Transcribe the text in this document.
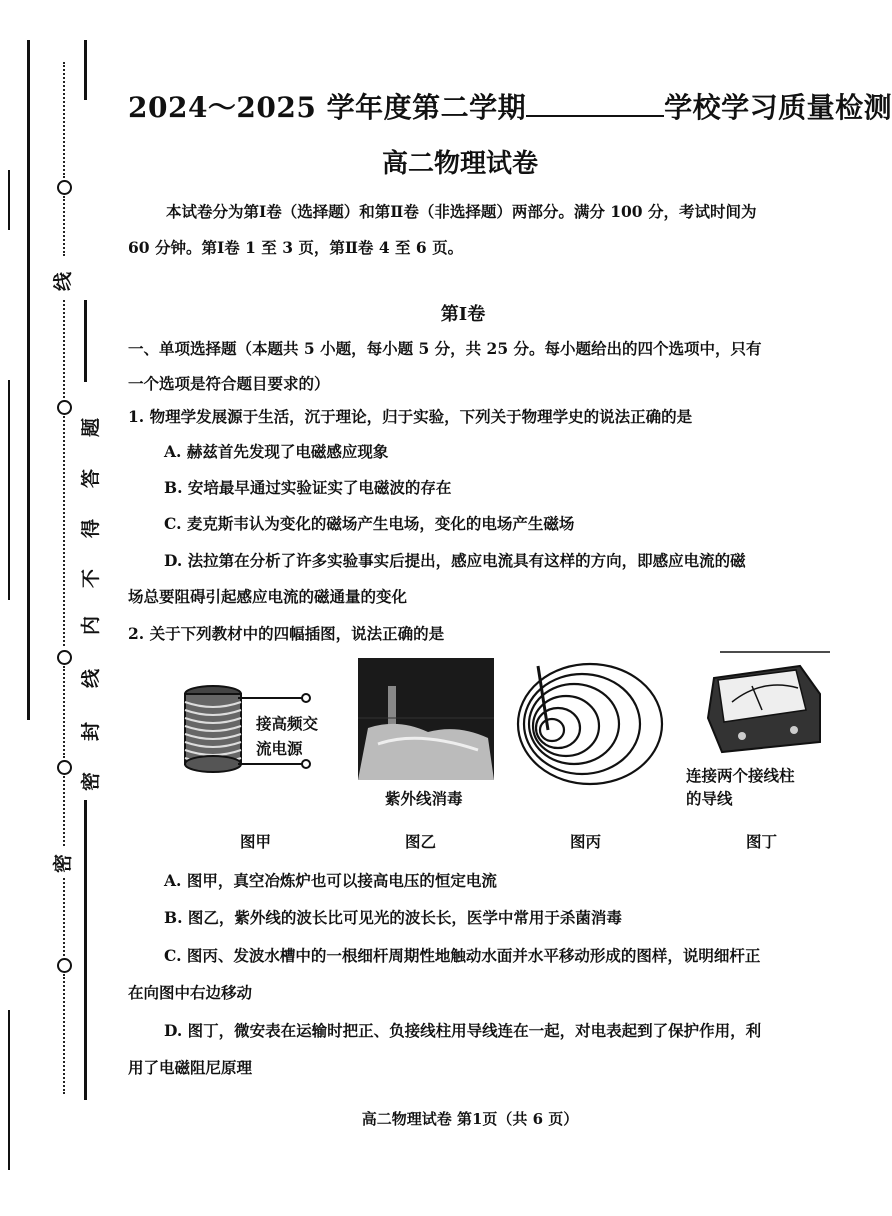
线
密
题
答
得
不
内
线
封
密
2024～2025 学年度第二学期	学校学习质量检测
高二物理试卷
本试卷分为第Ⅰ卷（选择题）和第Ⅱ卷（非选择题）两部分。满分 100 分，考试时间为
60 分钟。第Ⅰ卷 1 至 3 页，第Ⅱ卷 4 至 6 页。
第Ⅰ卷
一、单项选择题（本题共 5 小题，每小题 5 分，共 25 分。每小题给出的四个选项中，只有
一个选项是符合题目要求的）
1. 物理学发展源于生活，沉于理论，归于实验，下列关于物理学史的说法正确的是
A. 赫兹首先发现了电磁感应现象
B. 安培最早通过实验证实了电磁波的存在
C. 麦克斯韦认为变化的磁场产生电场，变化的电场产生磁场
D. 法拉第在分析了许多实验事实后提出，感应电流具有这样的方向，即感应电流的磁
场总要阻碍引起感应电流的磁通量的变化
2. 关于下列教材中的四幅插图，说法正确的是
接高频交
流电源
紫外线消毒
连接两个接线柱
的导线
图甲	图乙	图丙	图丁
A. 图甲，真空冶炼炉也可以接高电压的恒定电流
B. 图乙，紫外线的波长比可见光的波长长，医学中常用于杀菌消毒
C. 图丙、发波水槽中的一根细杆周期性地触动水面并水平移动形成的图样，说明细杆正
在向图中右边移动
D. 图丁，微安表在运输时把正、负接线柱用导线连在一起，对电表起到了保护作用，利
用了电磁阻尼原理
高二物理试卷 第1页（共 6 页）
